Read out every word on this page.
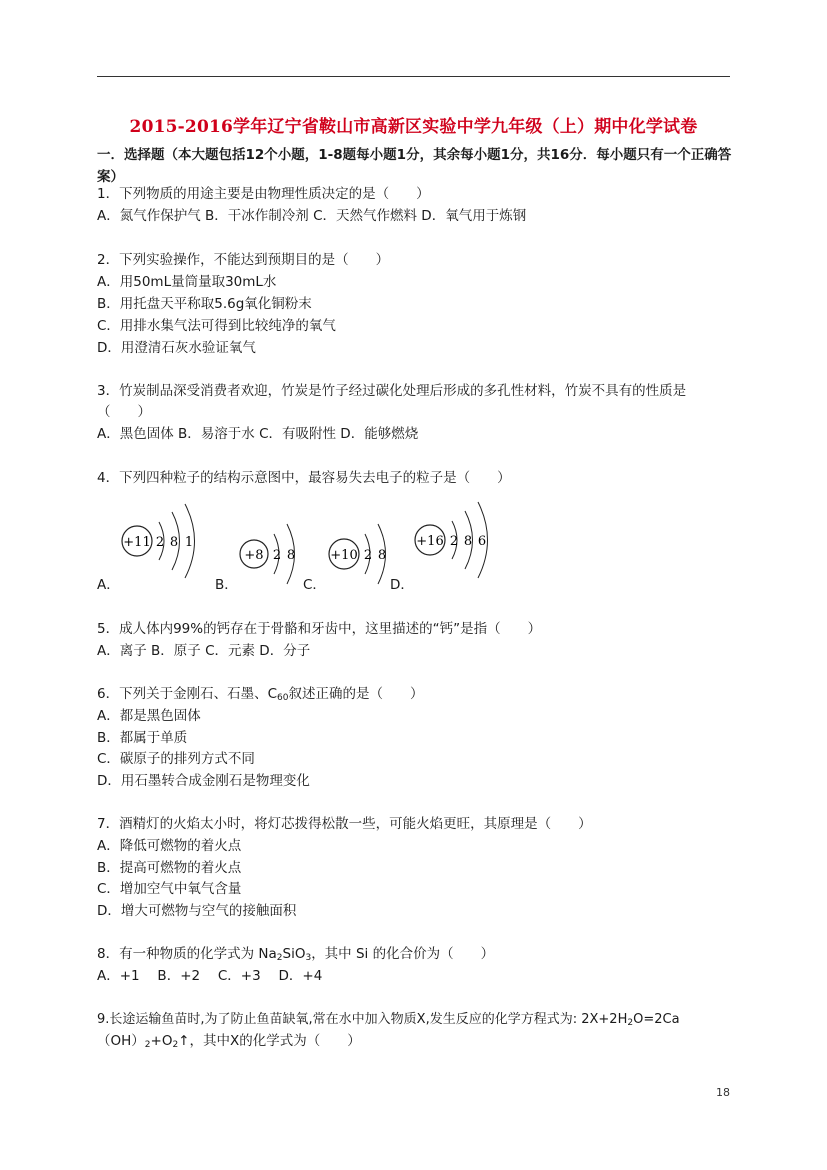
2015-2016学年辽宁省鞍山市高新区实验中学九年级（上）期中化学试卷
一．选择题（本大题包括12个小题，1-8题每小题1分，其余每小题1分，共16分．每小题只有一个正确答案）
1．下列物质的用途主要是由物理性质决定的是（　　）
A．氮气作保护气 B．干冰作制冷剂 C．天然气作燃料 D．氧气用于炼钢
2．下列实验操作，不能达到预期目的是（　　）
A．用50mL量筒量取30mL水
B．用托盘天平称取5.6g氧化铜粉末
C．用排水集气法可得到比较纯净的氧气
D．用澄清石灰水验证氧气
3．竹炭制品深受消费者欢迎，竹炭是竹子经过碳化处理后形成的多孔性材料，竹炭不具有的性质是
（　　）
A．黑色固体 B．易溶于水 C．有吸附性 D．能够燃烧
4．下列四种粒子的结构示意图中，最容易失去电子的粒子是（　　）
+11 2 8 1
A．
+8 2 8
B．
+10 2 8
C．
+16 2 8 6
D．
5．成人体内99%的钙存在于骨骼和牙齿中，这里描述的“钙”是指（　　）
A．离子 B．原子 C．元素 D．分子
6．下列关于金刚石、石墨、$C_{60}$叙述正确的是（　　）
A．都是黑色固体
B．都属于单质
C．碳原子的排列方式不同
D．用石墨转合成金刚石是物理变化
7．酒精灯的火焰太小时，将灯芯拨得松散一些，可能火焰更旺，其原理是（　　）
A．降低可燃物的着火点
B．提高可燃物的着火点
C．增加空气中氧气含量
D．增大可燃物与空气的接触面积
8．有一种物质的化学式为 $Na_2SiO_3$，其中 Si 的化合价为（　　）
A．+1　 B．+2　 C．+3　 D．+4
9.长途运输鱼苗时,为了防止鱼苗缺氧,常在水中加入物质X,发生反应的化学方程式为: $2X+2H_2O=2Ca$
$(OH)_2+O_2↑$，其中X的化学式为（　　）
18
